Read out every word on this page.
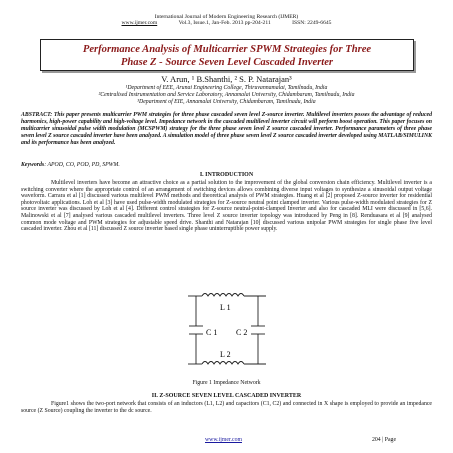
International Journal of Modern Engineering Research (IJMER)
www.ijmer.com	Vol.3, Issue.1, Jan-Feb. 2013 pp-204-211	ISSN: 2249-6645
Performance Analysis of Multicarrier SPWM Strategies for Three
Phase Z - Source Seven Level Cascaded Inverter
V. Arun, ¹ B.Shanthi, ² S. P. Natarajan³
¹Department of EEE, Arunai Engineering College, Thiruvannamalai, Tamilnadu, India
²Centralised Instrumentation and Service Laboratory, Annamalai University, Chidambaram, Tamilnadu, India
³Department of EIE, Annamalai University, Chidambaram, Tamilnadu, India
ABSTRACT: This paper presents multicarrier PWM strategies for three phase cascaded seven level Z-source inverter. Multilevel inverters posses the advantage of reduced harmonics, high-power capability and high-voltage level. Impedance network in the cascaded multilevel inverter circuit will perform boost operation. This paper focuses on multicarrier sinusoidal pulse width modulation (MCSPWM) strategy for the three phase seven level Z source cascaded inverter. Performance parameters of three phase seven level Z source cascaded inverter have been analyzed. A simulation model of three phase seven level Z source cascaded inverter developed using MATLAB/SIMULINK and its performance has been analyzed.
Keywords: APOD, CO, POD, PD, SPWM.
I. INTRODUCTION
Multilevel inverters have become an attractive choice as a partial solution to the improvement of the global conversion chain efficiency. Multilevel inverter is a switching converter where the appropriate control of an arrangement of switching devices allows combining diverse input voltages to synthesize a sinusoidal output voltage waveform. Carrara et al [1] discussed various multilevel PWM methods and theoretical analysis of PWM strategies. Huang et al [2] proposed Z-source inverter for residential photovoltaic applications. Loh et al [3] have used pulse-width modulated strategies for Z-source neutral point clamped inverter. Various pulse-width modulated strategies for Z source inverter was discussed by Loh et al [4]. Different control strategies for Z-source neutral-point-clamped Inverter and also for cascaded MLI were discussed in [5,6]. Malinowski et al [7] analysed various cascaded multilevel inverters. Three level Z source inverter topology was introduced by Peng in [8]. Renduasara et al [9] analysed common mode voltage and PWM strategies for adjustable speed drive. Shanthi and Natarajan [10] discussed various unipolar PWM strategies for single phase five level cascaded inverter. Zhou et al [11] discussed Z source inverter based single phase uninterruptible power supply.
L 1
L 2
C 1 C 2
Figure 1 Impedance Network
II. Z-SOURCE SEVEN LEVEL CASCADED INVERTER
Figure1 shows the two-port network that consists of an inductors (L1, L2) and capacitors (C1, C2) and connected in X shape is employed to provide an impedance source (Z Source) coupling the inverter to the dc source.
www.ijmer.com	204 | Page
